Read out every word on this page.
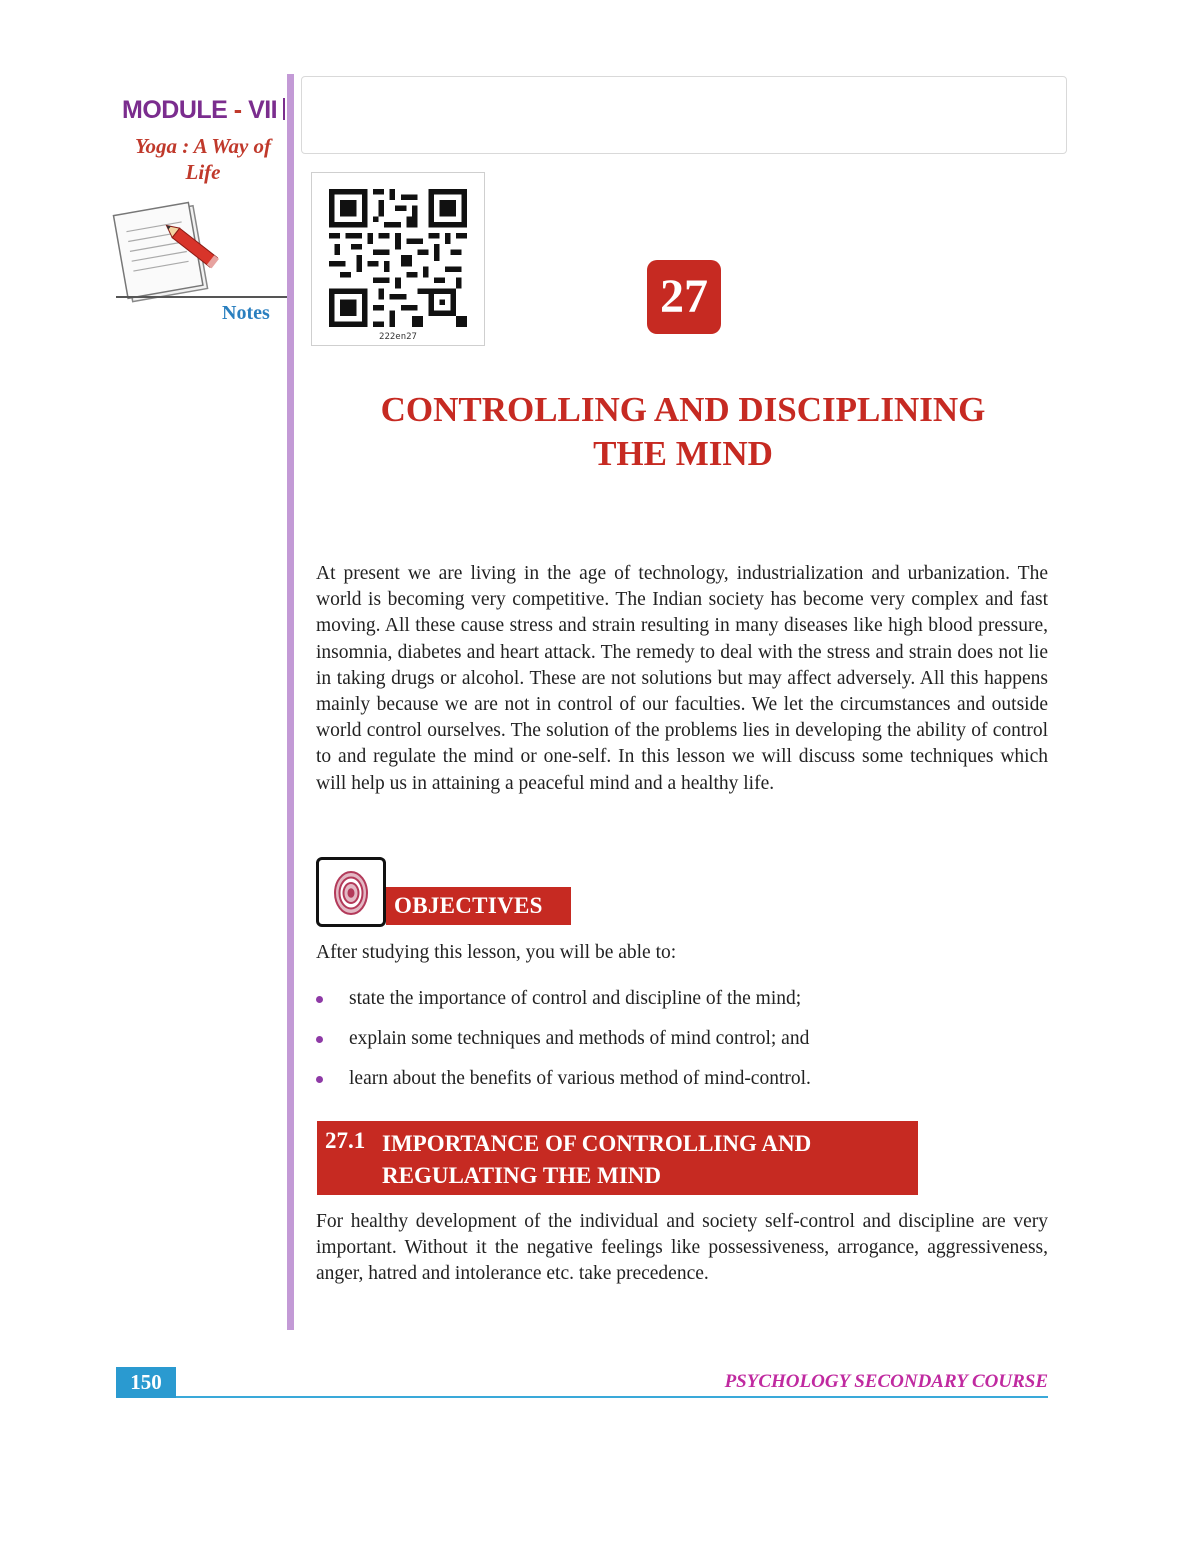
MODULE - VII
Yoga : A Way of
Life
Notes
222en27
27
CONTROLLING AND DISCIPLINING
THE MIND

At present we are living in the age of technology, industrialization and urbanization. The world is becoming very competitive. The Indian society has become very complex and fast moving. All these cause stress and strain resulting in many diseases like high blood pressure, insomnia, diabetes and heart attack. The remedy to deal with the stress and strain does not lie in taking drugs or alcohol. These are not solutions but may affect adversely. All this happens mainly because we are not in control of our faculties. We let the circumstances and outside world control ourselves. The solution of the problems lies in developing the ability of control to and regulate the mind or one-self. In this lesson we will discuss some techniques which will help us in attaining a peaceful mind and a healthy life.

OBJECTIVES

After studying this lesson, you will be able to:

state the importance of control and discipline of the mind;
explain some techniques and methods of mind control; and
learn about the benefits of various method of mind-control.
27.1 IMPORTANCE OF CONTROLLING AND
REGULATING THE MIND

For healthy development of the individual and society self-control and discipline are very important. Without it the negative feelings like possessiveness, arrogance, aggressiveness, anger, hatred and intolerance etc. take precedence.

150	PSYCHOLOGY SECONDARY COURSE
